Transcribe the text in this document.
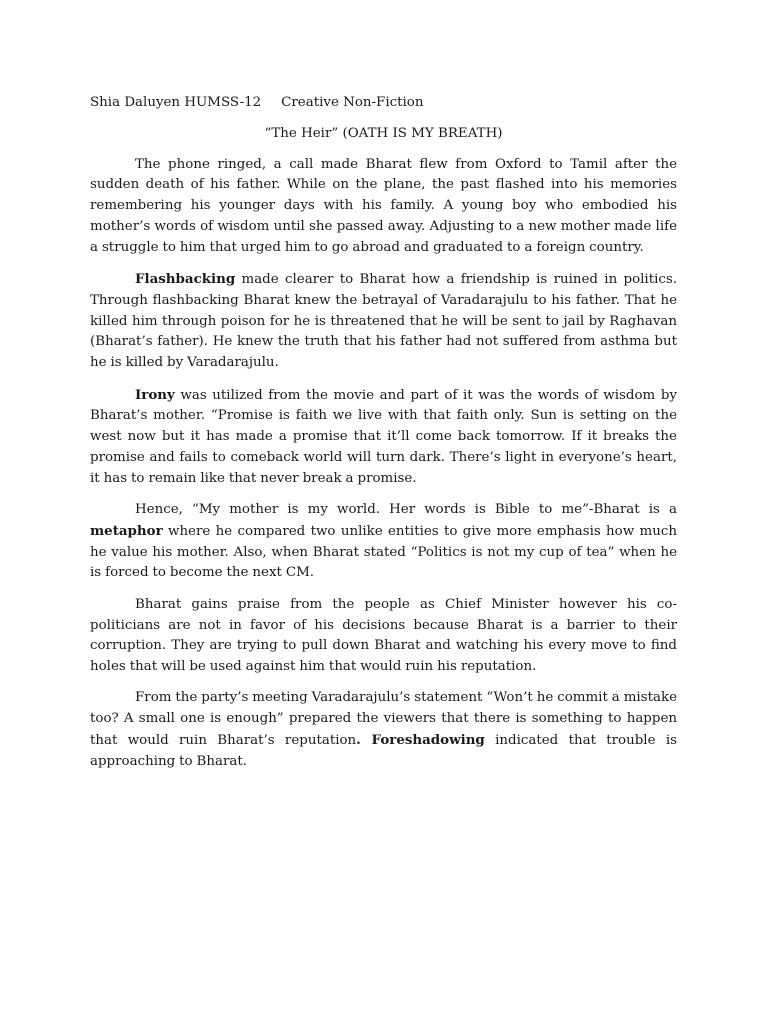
Shia Daluyen HUMSS-12 Creative Non-Fiction

“The Heir” (OATH IS MY BREATH)

The phone ringed, a call made Bharat flew from Oxford to Tamil after the sudden death of his father. While on the plane, the past flashed into his memories remembering his younger days with his family. A young boy who embodied his mother’s words of wisdom until she passed away. Adjusting to a new mother made life a struggle to him that urged him to go abroad and graduated to a foreign country.

Flashbacking made clearer to Bharat how a friendship is ruined in politics. Through flashbacking Bharat knew the betrayal of Varadarajulu to his father. That he killed him through poison for he is threatened that he will be sent to jail by Raghavan (Bharat’s father). He knew the truth that his father had not suffered from asthma but he is killed by Varadarajulu.

Irony was utilized from the movie and part of it was the words of wisdom by Bharat’s mother. “Promise is faith we live with that faith only. Sun is setting on the west now but it has made a promise that it’ll come back tomorrow. If it breaks the promise and fails to comeback world will turn dark. There’s light in everyone’s heart, it has to remain like that never break a promise.

Hence, “My mother is my world. Her words is Bible to me”-Bharat is a metaphor where he compared two unlike entities to give more emphasis how much he value his mother. Also, when Bharat stated “Politics is not my cup of tea” when he is forced to become the next CM.

Bharat gains praise from the people as Chief Minister however his co-politicians are not in favor of his decisions because Bharat is a barrier to their corruption. They are trying to pull down Bharat and watching his every move to find holes that will be used against him that would ruin his reputation.

From the party’s meeting Varadarajulu’s statement “Won’t he commit a mistake too? A small one is enough” prepared the viewers that there is something to happen that would ruin Bharat’s reputation. Foreshadowing indicated that trouble is approaching to Bharat.
